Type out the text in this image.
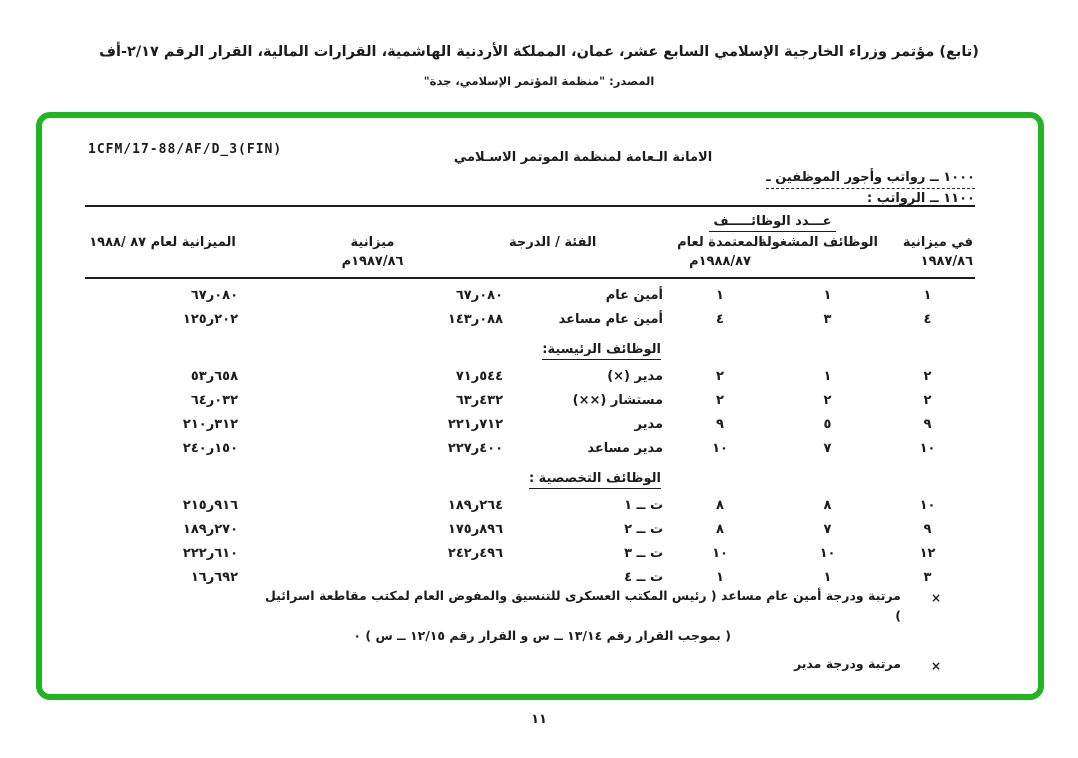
(تابع) مؤتمر وزراء الخارجية الإسلامي السابع عشر، عمان، المملكة الأردنية الهاشمية، القرارات المالية، القرار الرقم ٢/١٧-أف
المصدر: "منظمة المؤتمر الإسلامي، جدة"
1CFM/17-88/AF/D_3(FIN)
الامانة الـعامة لمنظمة الموتمر الاسـلامي
١٠٠٠ ــ رواتب وأجور الموظفين ـ
١١٠٠ ــ الرواتب :
	عـــدد الوظائـــــف				
في ميزانية
١٩٨٧/٨٦	الوظائف المشغولة	المعتمدة لعام
م١٩٨٨/٨٧	الفئة / الدرجة	ميزانية
م١٩٨٧/٨٦	الميزانية لعام ٨٧ /١٩٨٨
١	١	١	أمين عام	٦٧ر٠٨٠	٦٧ر٠٨٠
٤	٣	٤	أمين عام مساعد	١٤٣ر٠٨٨	١٢٥ر٢٠٢
الوظائف الرئيسية:					
٢	١	٢	مدير (×)	٧١ر٥٤٤	٥٣ر٦٥٨
٢	٢	٢	مستشار (××)	٦٣ر٤٣٢	٦٤ر٠٣٢
٩	٥	٩	مدير	٢٢١ر٧١٢	٢١٠ر٣١٢
١٠	٧	١٠	مدير مساعد	٢٢٧ر٤٠٠	٢٤٠ر١٥٠
الوظائف التخصصية :					
١٠	٨	٨	ت ــ ١	١٨٩ر٢٦٤	٢١٥ر٩١٦
٩	٧	٨	ت ــ ٢	١٧٥ر٨٩٦	١٨٩ر٢٧٠
١٢	١٠	١٠	ت ــ ٣	٢٤٢ر٤٩٦	٢٢٢ر٦١٠
٣	١	١	ت ــ ٤		١٦ر٦٩٢
×
مرتبة ودرجة أمين عام مساعد ( رئيس المكتب العسكرى للتنسيق والمفوض العام لمكتب مقاطعة اسرائيل )
( بموجب القرار رقم ١٣/١٤ ــ س و القرار رقم ١٢/١٥ ــ س ) ٠
×
مرتبة ودرجة مدير
١١
